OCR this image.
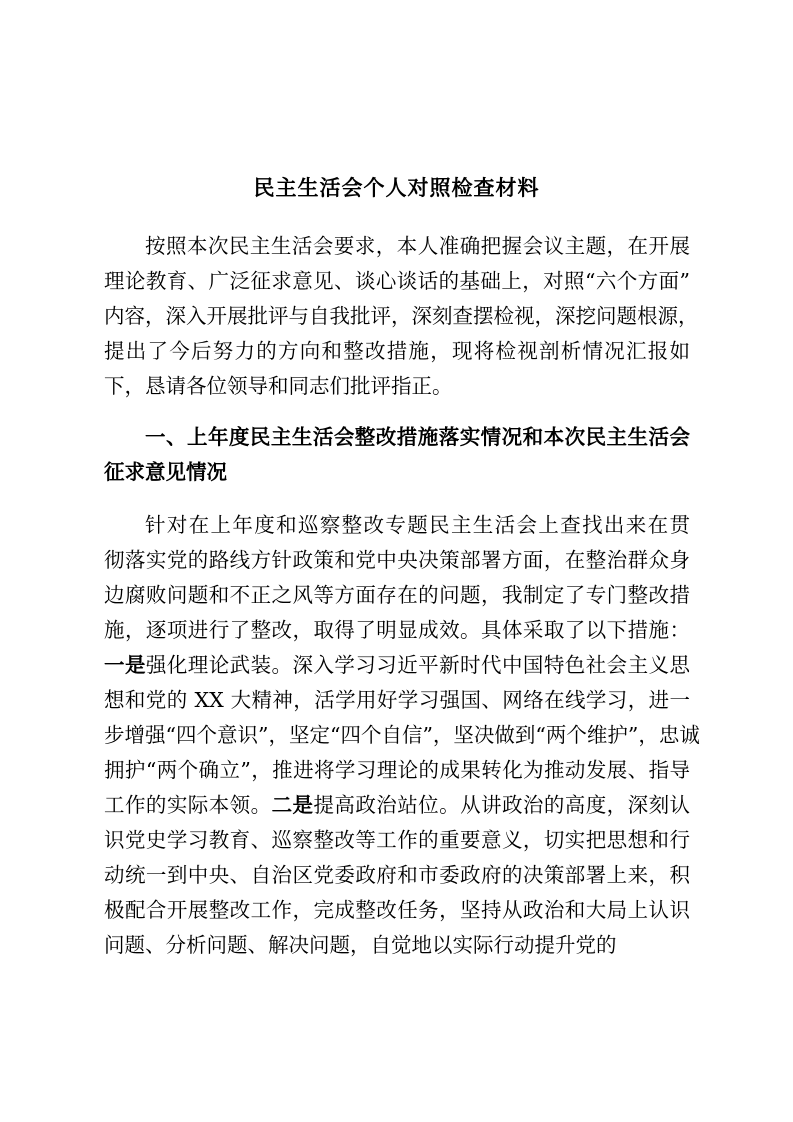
民主生活会个人对照检查材料
按照本次民主生活会要求，本人准确把握会议主题，在开展
理论教育、广泛征求意见、谈心谈话的基础上，对照“六个方面”
内容，深入开展批评与自我批评，深刻查摆检视，深挖问题根源，
提出了今后努力的方向和整改措施，现将检视剖析情况汇报如
下，恳请各位领导和同志们批评指正。
一、上年度民主生活会整改措施落实情况和本次民主生活会
征求意见情况
针对在上年度和巡察整改专题民主生活会上查找出来在贯
彻落实党的路线方针政策和党中央决策部署方面，在整治群众身
边腐败问题和不正之风等方面存在的问题，我制定了专门整改措
施，逐项进行了整改，取得了明显成效。具体采取了以下措施：
一是强化理论武装。深入学习习近平新时代中国特色社会主义思
想和党的 XX 大精神，活学用好学习强国、网络在线学习，进一
步增强“四个意识”，坚定“四个自信”，坚决做到“两个维护”，忠诚
拥护“两个确立”，推进将学习理论的成果转化为推动发展、指导
工作的实际本领。二是提高政治站位。从讲政治的高度，深刻认
识党史学习教育、巡察整改等工作的重要意义，切实把思想和行
动统一到中央、自治区党委政府和市委政府的决策部署上来，积
极配合开展整改工作，完成整改任务，坚持从政治和大局上认识
问题、分析问题、解决问题，自觉地以实际行动提升党的
